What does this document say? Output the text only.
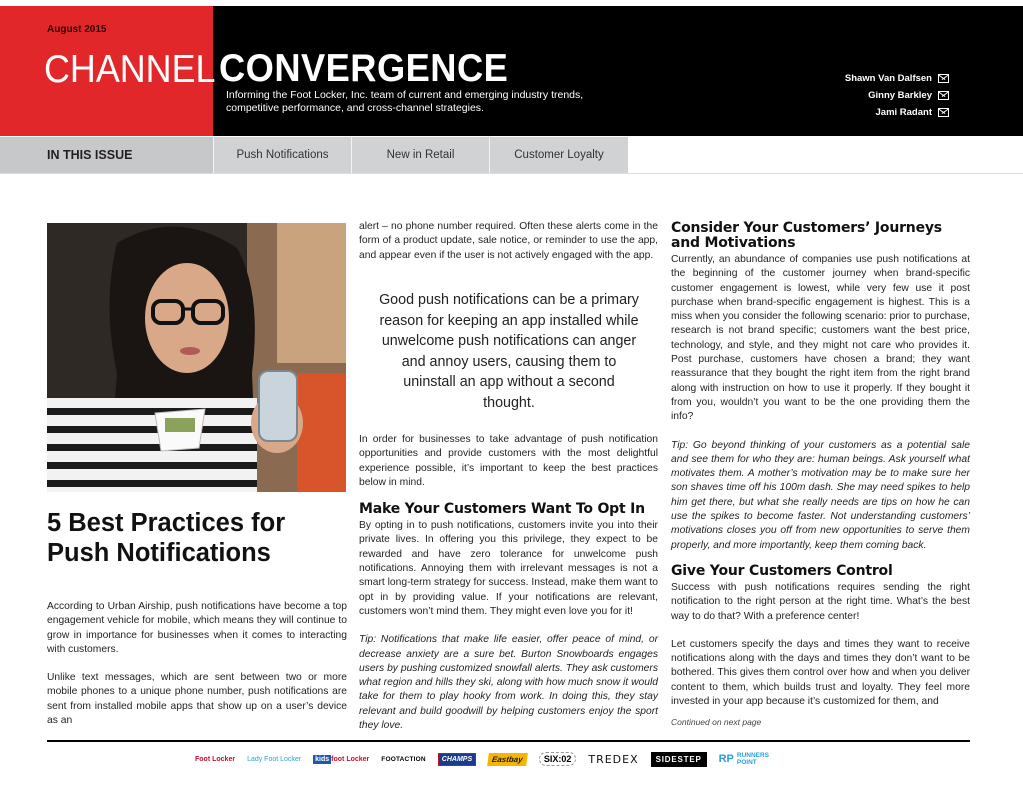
August 2015
CHANNEL CONVERGENCE
Informing the Foot Locker, Inc. team of current and emerging industry trends, competitive performance, and cross-channel strategies.
Shawn Van Dalfsen
Ginny Barkley
Jami Radant
IN THIS ISSUE	Push Notifications	New in Retail	Customer Loyalty
5 Best Practices for Push Notifications

According to Urban Airship, push notifications have become a top engagement vehicle for mobile, which means they will continue to grow in importance for businesses when it comes to interacting with customers.

Unlike text messages, which are sent between two or more mobile phones to a unique phone number, push notifications are sent from installed mobile apps that show up on a user’s device as an

alert – no phone number required. Often these alerts come in the form of a product update, sale notice, or reminder to use the app, and appear even if the user is not actively engaged with the app.

Good push notifications can be a primary reason for keeping an app installed while unwelcome push notifications can anger and annoy users, causing them to uninstall an app without a second thought.

In order for businesses to take advantage of push notification opportunities and provide customers with the most delightful experience possible, it’s important to keep the best practices below in mind.

Make Your Customers Want To Opt In

By opting in to push notifications, customers invite you into their private lives. In offering you this privilege, they expect to be rewarded and have zero tolerance for unwelcome push notifications. Annoying them with irrelevant messages is not a smart long-term strategy for success. Instead, make them want to opt in by providing value. If your notifications are relevant, customers won’t mind them. They might even love you for it!

Tip: Notifications that make life easier, offer peace of mind, or decrease anxiety are a sure bet. Burton Snowboards engages users by pushing customized snowfall alerts. They ask customers what region and hills they ski, along with how much snow it would take for them to play hooky from work. In doing this, they stay relevant and build goodwill by helping customers enjoy the sport they love.

Consider Your Customers’ Journeys and Motivations

Currently, an abundance of companies use push notifications at the beginning of the customer journey when brand-specific customer engagement is lowest, while very few use it post purchase when brand-specific engagement is highest. This is a miss when you consider the following scenario: prior to purchase, research is not brand specific; customers want the best price, technology, and style, and they might not care who provides it. Post purchase, customers have chosen a brand; they want reassurance that they bought the right item from the right brand along with instruction on how to use it properly. If they bought it from you, wouldn’t you want to be the one providing them the info?

Tip: Go beyond thinking of your customers as a potential sale and see them for who they are: human beings. Ask yourself what motivates them. A mother’s motivation may be to make sure her son shaves time off his 100m dash. She may need spikes to help him get there, but what she really needs are tips on how he can use the spikes to become faster. Not understanding customers’ motivations closes you off from new opportunities to serve them properly, and more importantly, keep them coming back.

Give Your Customers Control

Success with push notifications requires sending the right notification to the right person at the right time. What’s the best way to do that? With a preference center!

Let customers specify the days and times they want to receive notifications along with the days and times they don’t want to be bothered. This gives them control over how and when you deliver content to them, which builds trust and loyalty. They feel more invested in your app because it’s customized for them, and

Continued on next page
Foot Locker Lady Foot Locker kids foot Locker FOOTACTION	CHAMPS	Eastbay	SIX:02	TREDEX	SIDESTEP	RP RUNNERS POINT
